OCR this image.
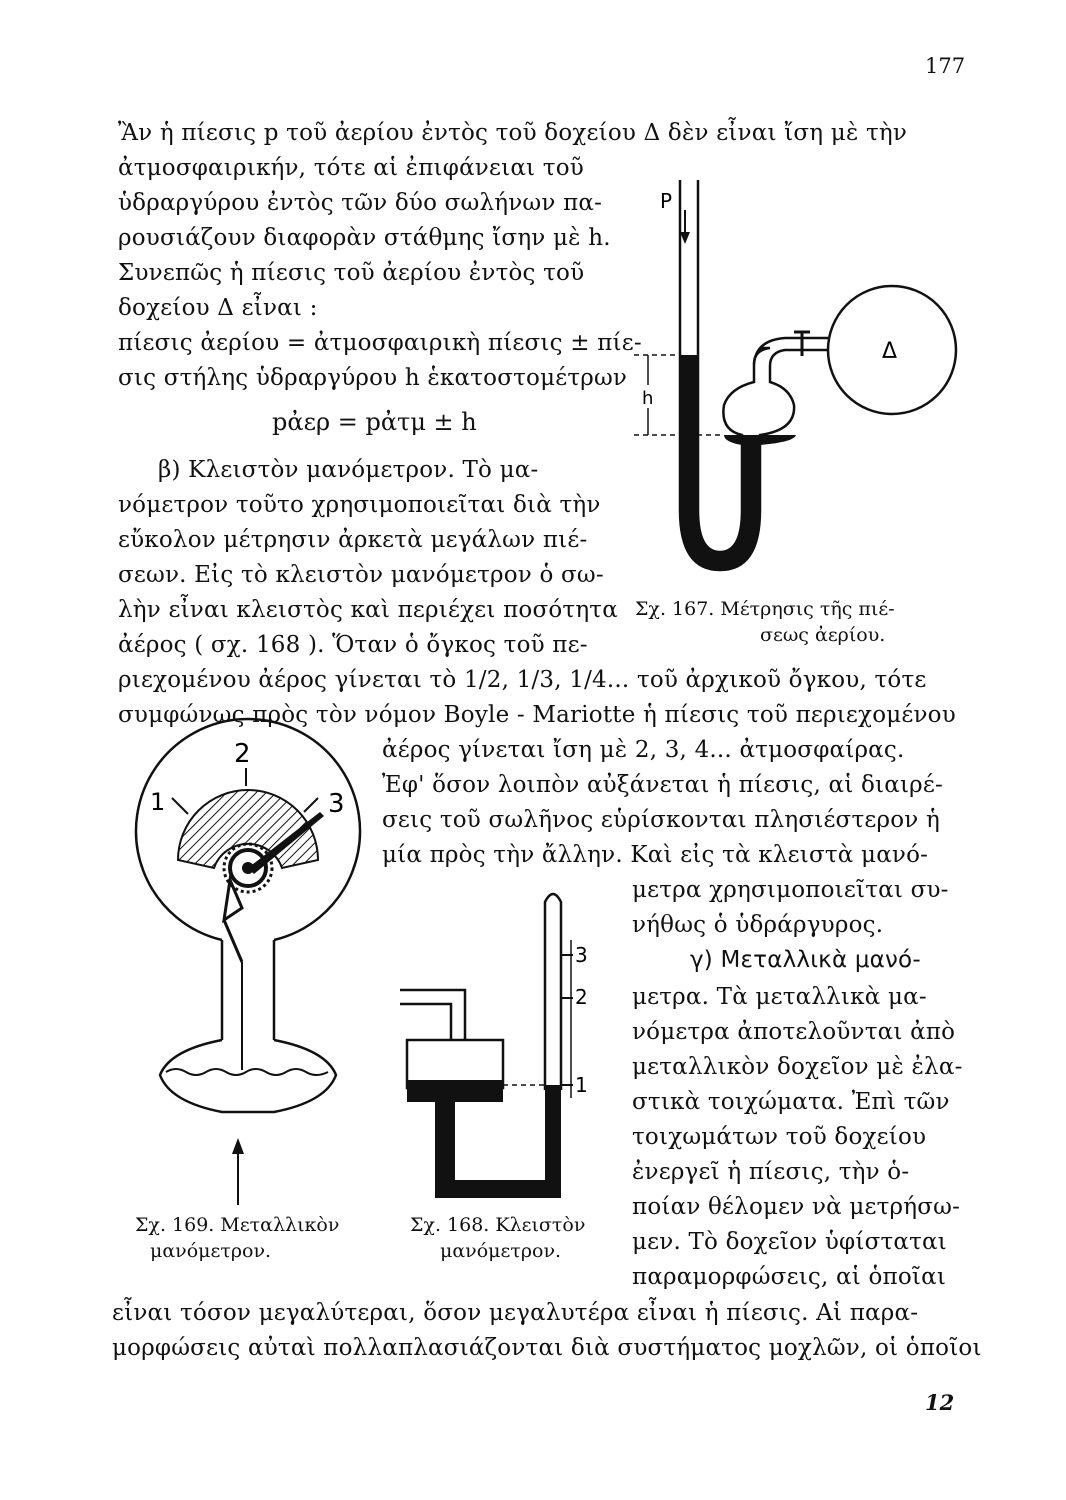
177
Ἂν ἡ πίεσις p τοῦ ἀερίου ἐντὸς τοῦ δοχείου Δ δὲν εἶναι ἴση μὲ τὴν
ἀτμοσφαιρικήν, τότε αἱ ἐπιφάνειαι τοῦ
ὑδραργύρου ἐντὸς τῶν δύο σωλήνων πα-
ρουσιάζουν διαφορὰν στάθμης ἴσην μὲ h.
Συνεπῶς ἡ πίεσις τοῦ ἀερίου ἐντὸς τοῦ
δοχείου Δ εἶναι :
πίεσις ἀερίου = ἀτμοσφαιρικὴ πίεσις ± πίε-
σις στήλης ὑδραργύρου h ἑκατοστομέτρων
pἀερ = pἀτμ ± h
β) Κλειστὸν μανόμετρον. Τὸ μα-
νόμετρον τοῦτο χρησιμοποιεῖται διὰ τὴν
εὔκολον μέτρησιν ἀρκετὰ μεγάλων πιέ-
σεων. Εἰς τὸ κλειστὸν μανόμετρον ὁ σω-
λὴν εἶναι κλειστὸς καὶ περιέχει ποσότητα
ἀέρος ( σχ. 168 ). Ὅταν ὁ ὄγκος τοῦ πε-
ριεχομένου ἀέρος γίνεται τὸ 1/2, 1/3, 1/4... τοῦ ἀρχικοῦ ὄγκου, τότε
συμφώνως πρὸς τὸν νόμον Boyle - Mariotte ἡ πίεσις τοῦ περιεχομένου
ἀέρος γίνεται ἴση μὲ 2, 3, 4... ἀτμοσφαίρας.
Ἐφ' ὅσον λοιπὸν αὐξάνεται ἡ πίεσις, αἱ διαιρέ-
σεις τοῦ σωλῆνος εὑρίσκονται πλησιέστερον ἡ
μία πρὸς τὴν ἄλλην. Καὶ εἰς τὰ κλειστὰ μανό-
μετρα χρησιμοποιεῖται συ-
νήθως ὁ ὑδράργυρος.
γ) Μεταλλικὰ μανό-
μετρα. Τὰ μεταλλικὰ μα-
νόμετρα ἀποτελοῦνται ἀπὸ
μεταλλικὸν δοχεῖον μὲ ἐλα-
στικὰ τοιχώματα. Ἐπὶ τῶν
τοιχωμάτων τοῦ δοχείου
ἐνεργεῖ ἡ πίεσις, τὴν ὁ-
ποίαν θέλομεν νὰ μετρήσω-
μεν. Τὸ δοχεῖον ὑφίσταται
παραμορφώσεις, αἱ ὁποῖαι
εἶναι τόσον μεγαλύτεραι, ὅσον μεγαλυτέρα εἶναι ἡ πίεσις. Αἱ παρα-
μορφώσεις αὐταὶ πολλαπλασιάζονται διὰ συστήματος μοχλῶν, οἱ ὁποῖοι
12
P
h
Δ
Σχ. 167. Μέτρησις τῆς πιέ-
σεως ἀερίου.
1
2
3
Σχ. 169. Μεταλλικὸν
μανόμετρον.
3
2
1
Σχ. 168. Κλειστὸν
μανόμετρον.
